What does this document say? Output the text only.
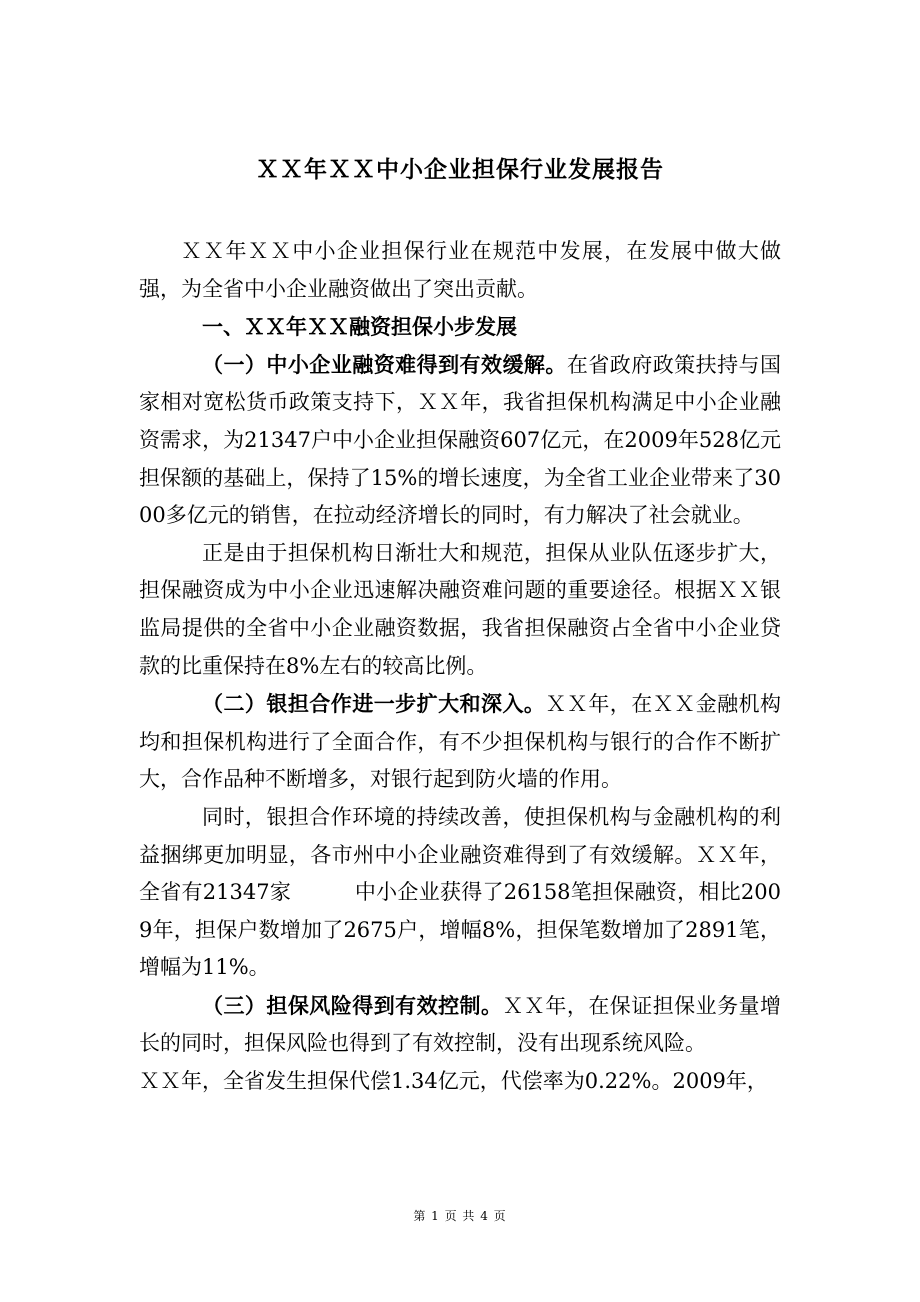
ＸＸ年ＸＸ中小企业担保行业发展报告

ＸＸ年ＸＸ中小企业担保行业在规范中发展，在发展中做大做强，为全省中小企业融资做出了突出贡献。

一、ＸＸ年ＸＸ融资担保小步发展

（一）中小企业融资难得到有效缓解。在省政府政策扶持与国家相对宽松货币政策支持下，ＸＸ年，我省担保机构满足中小企业融资需求，为21347户中小企业担保融资607亿元，在2009年528亿元担保额的基础上，保持了15%的增长速度，为全省工业企业带来了3000多亿元的销售，在拉动经济增长的同时，有力解决了社会就业。

正是由于担保机构日渐壮大和规范，担保从业队伍逐步扩大，担保融资成为中小企业迅速解决融资难问题的重要途径。根据ＸＸ银监局提供的全省中小企业融资数据，我省担保融资占全省中小企业贷款的比重保持在8%左右的较高比例。

（二）银担合作进一步扩大和深入。ＸＸ年，在ＸＸ金融机构均和担保机构进行了全面合作，有不少担保机构与银行的合作不断扩大，合作品种不断增多，对银行起到防火墙的作用。

同时，银担合作环境的持续改善，使担保机构与金融机构的利益捆绑更加明显，各市州中小企业融资难得到了有效缓解。ＸＸ年，全省有21347家　　　中小企业获得了26158笔担保融资，相比2009年，担保户数增加了2675户，增幅8%，担保笔数增加了2891笔，增幅为11%。

（三）担保风险得到有效控制。ＸＸ年，在保证担保业务量增长的同时，担保风险也得到了有效控制，没有出现系统风险。

ＸＸ年，全省发生担保代偿1.34亿元，代偿率为0.22%。2009年，

第 1 页 共 4 页
